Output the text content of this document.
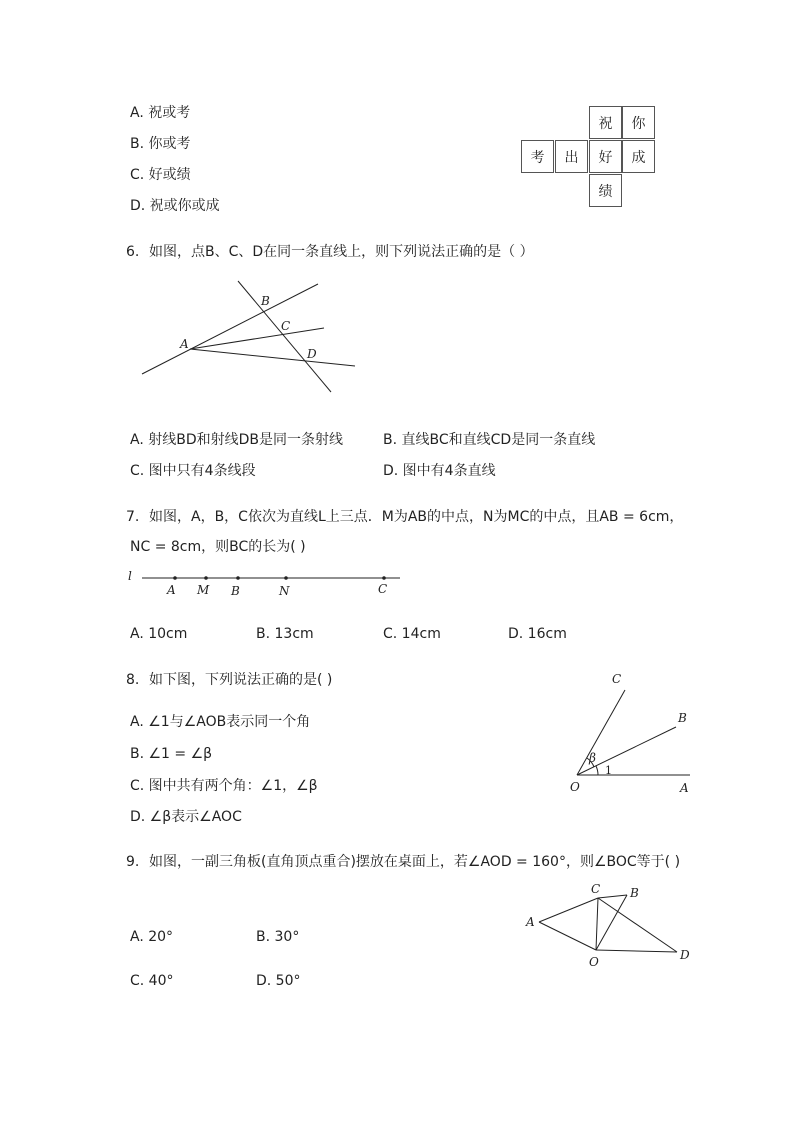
A. 祝或考
B. 你或考
C. 好或绩
D. 祝或你或成
祝	你
考	出	好	成
绩
6. 如图，点B、C、D在同一条直线上，则下列说法正确的是（ ）
A
B
C
D
A. 射线BD和射线DB是同一条射线	B. 直线BC和直线CD是同一条直线
C. 图中只有4条线段	D. 图中有4条直线
7. 如图，A，B，C依次为直线L上三点．M为AB的中点，N为MC的中点，且AB = 6cm，
NC = 8cm，则BC的长为( )
l
A M B	N	C
A. 10cm	B. 13cm	C. 14cm	D. 16cm
8. 如下图，下列说法正确的是( )
A. ∠1与∠AOB表示同一个角
B. ∠1 = ∠β
C. 图中共有两个角：∠1，∠β
D. ∠β表示∠AOC
C
B
β
1
O	A
9. 如图，一副三角板(直角顶点重合)摆放在桌面上，若∠AOD = 160°，则∠BOC等于( )
A. 20°	B. 30°
C. 40°	D. 50°
C B
A
O	D
